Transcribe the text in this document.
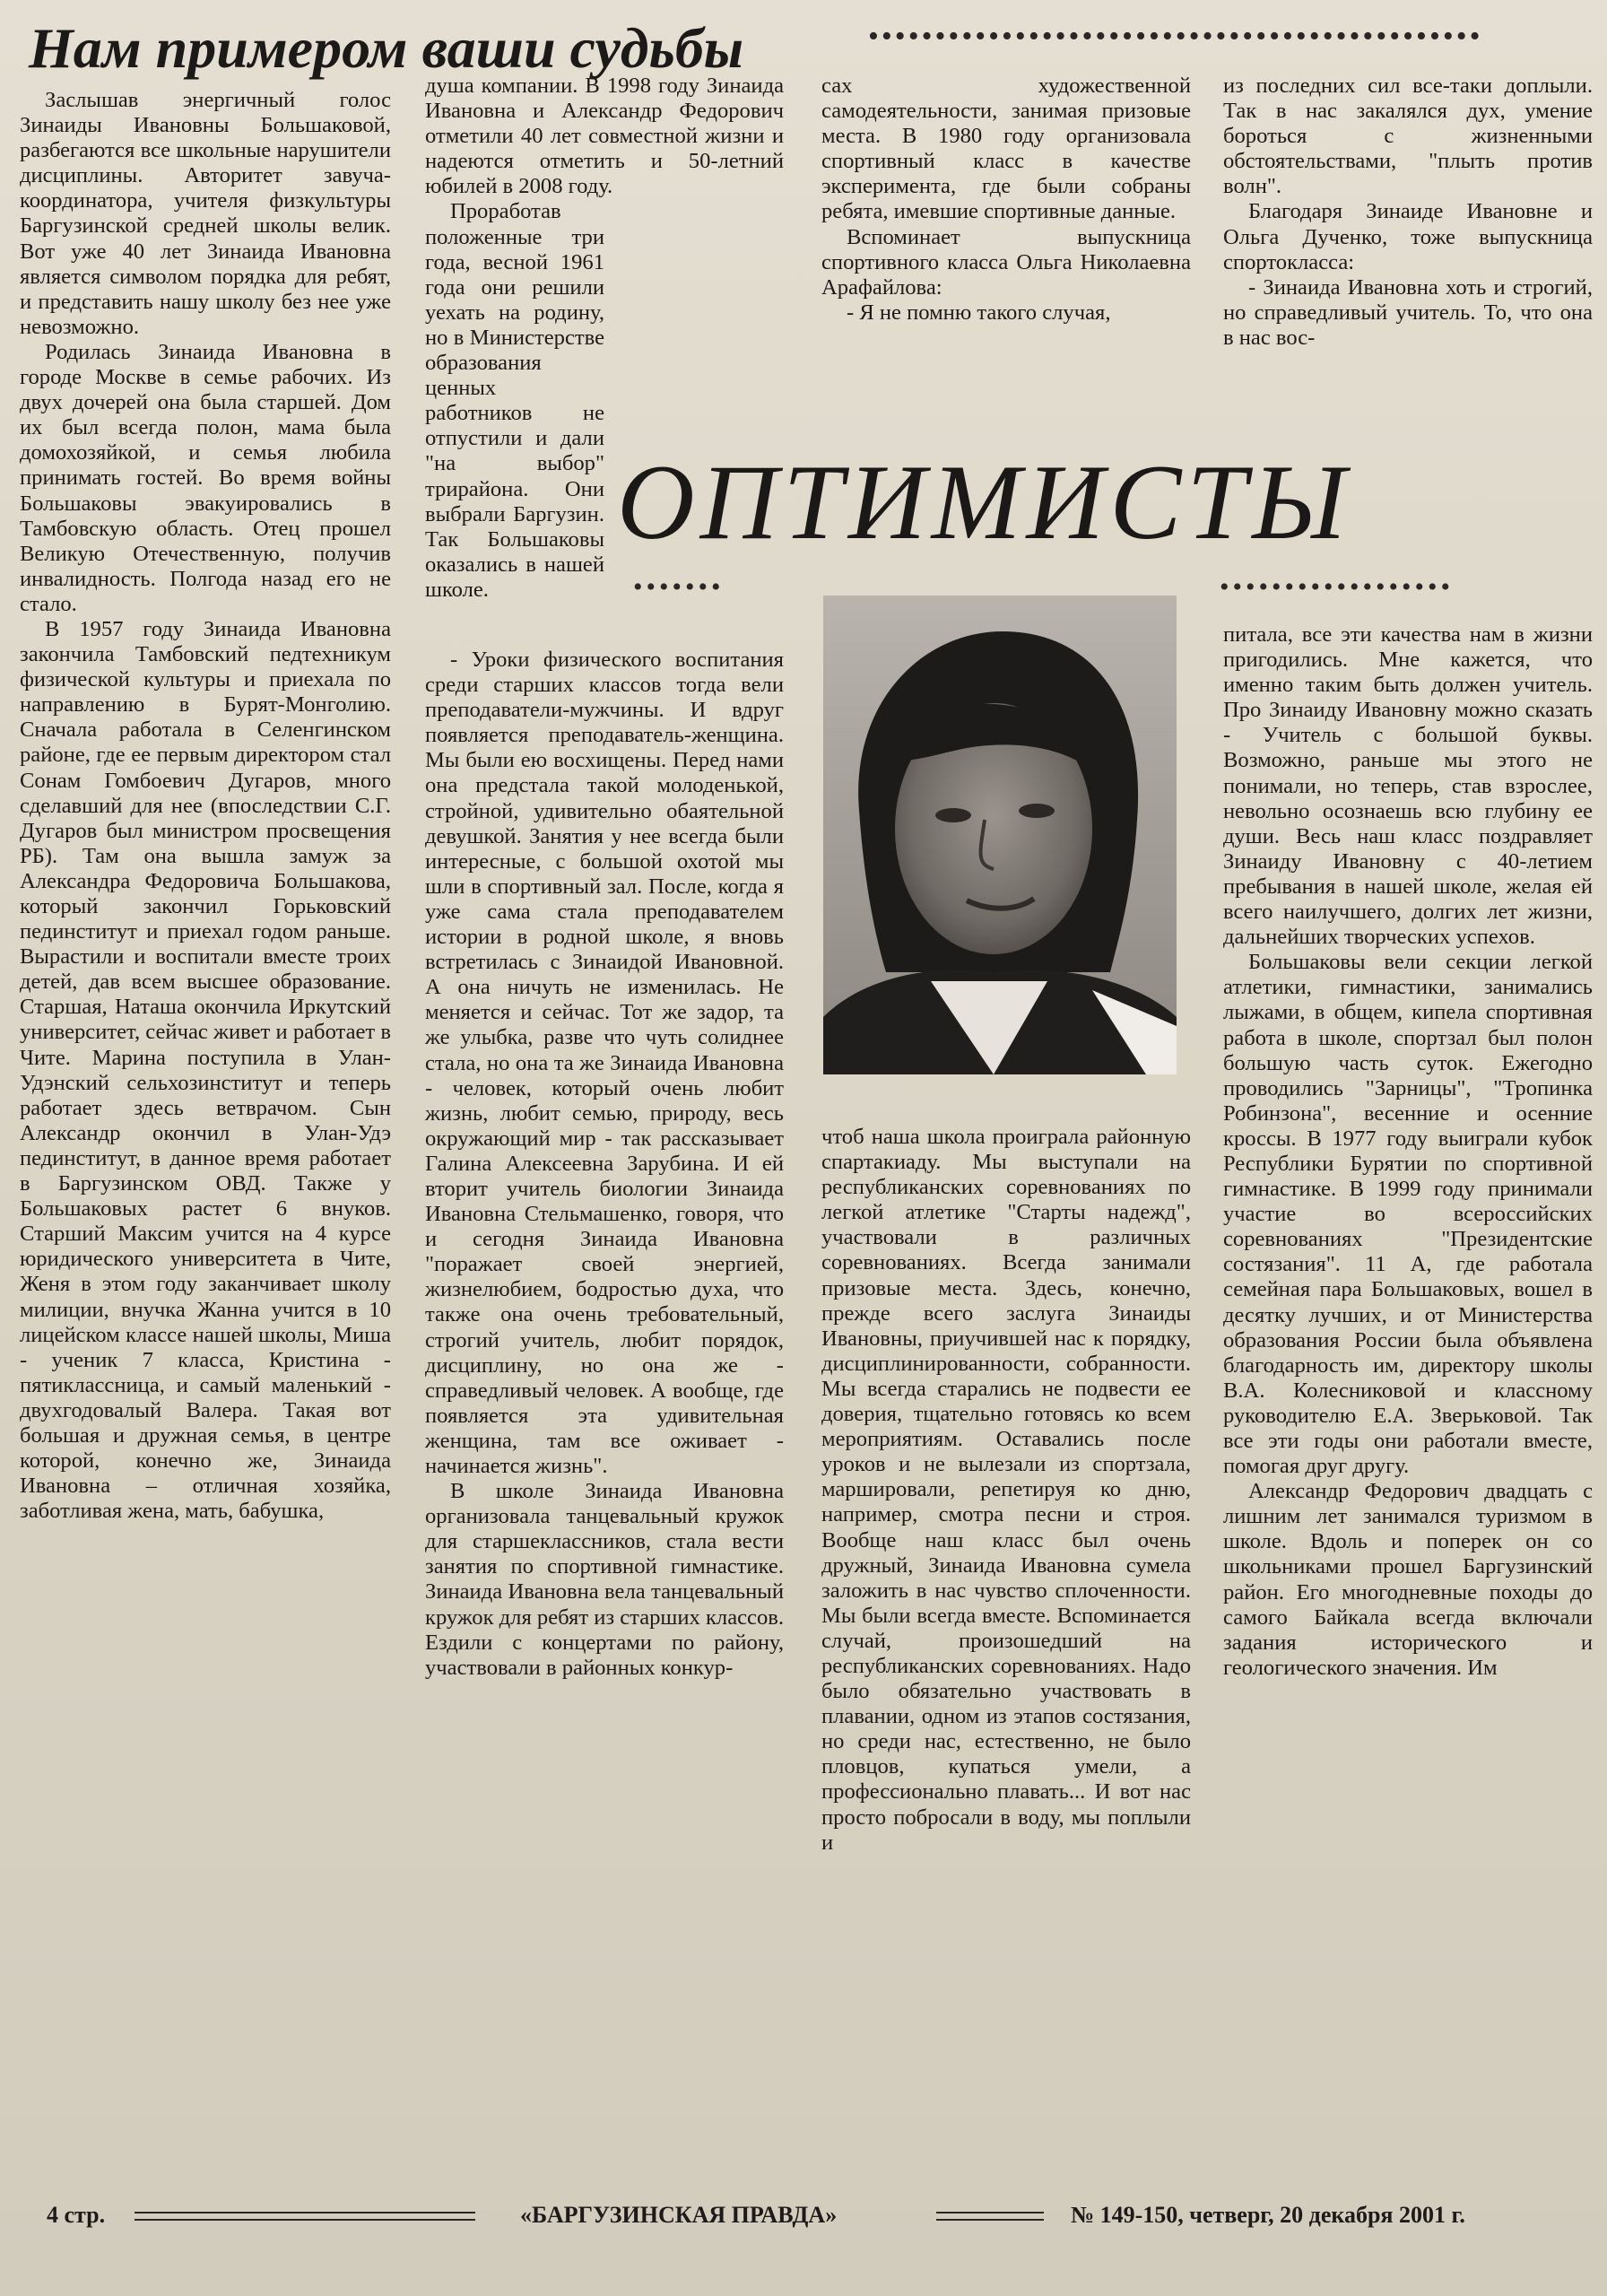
Нам примером ваши судьбы	••••••••••••••••••••••••••••••••••••••••••••••

Заслышав энергичный голос Зинаиды Ивановны Большаковой, разбегаются все школьные нарушители дисциплины. Авторитет завуча-координатора, учителя физкультуры Баргузинской средней школы велик. Вот уже 40 лет Зинаида Ивановна является символом порядка для ребят, и представить нашу школу без нее уже невозможно.

Родилась Зинаида Ивановна в городе Москве в семье рабочих. Из двух дочерей она была старшей. Дом их был всегда полон, мама была домохозяйкой, и семья любила принимать гостей. Во время войны Большаковы эвакуировались в Тамбовскую область. Отец прошел Великую Отечественную, получив инвалидность. Полгода назад его не стало.

В 1957 году Зинаида Ивановна закончила Тамбовский педтехникум физической культуры и приехала по направлению в Бурят-Монголию. Сначала работала в Селенгинском районе, где ее первым директором стал Сонам Гомбоевич Дугаров, много сделавший для нее (впоследствии С.Г. Дугаров был министром просвещения РБ). Там она вышла замуж за Александра Федоровича Большакова, который закончил Горьковский пединститут и приехал годом раньше. Вырастили и воспитали вместе троих детей, дав всем высшее образование. Старшая, Наташа окончила Иркутский университет, сейчас живет и работает в Чите. Марина поступила в Улан-Удэнский сельхозинститут и теперь работает здесь ветврачом. Сын Александр окончил в Улан-Удэ пединститут, в данное время работает в Баргузинском ОВД. Также у Большаковых растет 6 внуков. Старший Максим учится на 4 курсе юридического университета в Чите, Женя в этом году заканчивает школу милиции, внучка Жанна учится в 10 лицейском классе нашей школы, Миша - ученик 7 класса, Кристина - пятиклассница, и самый маленький - двухгодовалый Валера. Такая вот большая и дружная семья, в центре которой, конечно же, Зинаида Ивановна – отличная хозяйка, заботливая жена, мать, бабушка,

душа компании. В 1998 году Зинаида Ивановна и Александр Федорович отметили 40 лет совместной жизни и надеются отметить и 50-летний юбилей в 2008 году.

Проработав положенные три года, весной 1961 года они решили уехать на родину, но в Министерстве образования ценных работников не отпустили и дали "на выбор" трирайона. Они выбрали Баргузин. Так Большаковы оказались в нашей школе.

- Уроки физического воспитания среди старших классов тогда вели преподаватели-мужчины. И вдруг появляется преподаватель-женщина. Мы были ею восхищены. Перед нами она предстала такой молоденькой, стройной, удивительно обаятельной девушкой. Занятия у нее всегда были интересные, с большой охотой мы шли в спортивный зал. После, когда я уже сама стала преподавателем истории в родной школе, я вновь встретилась с Зинаидой Ивановной. А она ничуть не изменилась. Не меняется и сейчас. Тот же задор, та же улыбка, разве что чуть солиднее стала, но она та же Зинаида Ивановна - человек, который очень любит жизнь, любит семью, природу, весь окружающий мир - так рассказывает Галина Алексеевна Зарубина. И ей вторит учитель биологии Зинаида Ивановна Стельмашенко, говоря, что и сегодня Зинаида Ивановна "поражает своей энергией, жизнелюбием, бодростью духа, что также она очень требовательный, строгий учитель, любит порядок, дисциплину, но она же - справедливый человек. А вообще, где появляется эта удивительная женщина, там все оживает - начинается жизнь".

В школе Зинаида Ивановна организовала танцевальный кружок для старшеклассников, стала вести занятия по спортивной гимнастике. Зинаида Ивановна вела танцевальный кружок для ребят из старших классов. Ездили с концертами по району, участвовали в районных конкур-

сах художественной самодеятельности, занимая призовые места. В 1980 году организовала спортивный класс в качестве эксперимента, где были собраны ребята, имевшие спортивные данные.

Вспоминает выпускница спортивного класса Ольга Николаевна Арафайлова:

- Я не помню такого случая,

из последних сил все-таки доплыли. Так в нас закалялся дух, умение бороться с жизненными обстоятельствами, "плыть против волн".

Благодаря Зинаиде Ивановне и Ольга Дученко, тоже выпускница спортокласса:

- Зинаида Ивановна хоть и строгий, но справедливый учитель. То, что она в нас вос-

ОПТИМИСТЫ
•••••••	••••••••••••••••••

чтоб наша школа проиграла районную спартакиаду. Мы выступали на республиканских соревнованиях по легкой атлетике "Старты надежд", участвовали в различных соревнованиях. Всегда занимали призовые места. Здесь, конечно, прежде всего заслуга Зинаиды Ивановны, приучившей нас к порядку, дисциплинированности, собранности. Мы всегда старались не подвести ее доверия, тщательно готовясь ко всем мероприятиям. Оставались после уроков и не вылезали из спортзала, маршировали, репетируя ко дню, например, смотра песни и строя. Вообще наш класс был очень дружный, Зинаида Ивановна сумела заложить в нас чувство сплоченности. Мы были всегда вместе. Вспоминается случай, произошедший на республиканских соревнованиях. Надо было обязательно участвовать в плавании, одном из этапов состязания, но среди нас, естественно, не было пловцов, купаться умели, а профессионально плавать... И вот нас просто побросали в воду, мы поплыли и

питала, все эти качества нам в жизни пригодились. Мне кажется, что именно таким быть должен учитель. Про Зинаиду Ивановну можно сказать - Учитель с большой буквы. Возможно, раньше мы этого не понимали, но теперь, став взрослее, невольно осознаешь всю глубину ее души. Весь наш класс поздравляет Зинаиду Ивановну с 40-летием пребывания в нашей школе, желая ей всего наилучшего, долгих лет жизни, дальнейших творческих успехов.

Большаковы вели секции легкой атлетики, гимнастики, занимались лыжами, в общем, кипела спортивная работа в школе, спортзал был полон большую часть суток. Ежегодно проводились "Зарницы", "Тропинка Робинзона", весенние и осенние кроссы. В 1977 году выиграли кубок Республики Бурятии по спортивной гимнастике. В 1999 году принимали участие во всероссийских соревнованиях "Президентские состязания". 11 А, где работала семейная пара Большаковых, вошел в десятку лучших, и от Министерства образования России была объявлена благодарность им, директору школы В.А. Колесниковой и классному руководителю Е.А. Зверьковой. Так все эти годы они работали вместе, помогая друг другу.

Александр Федорович двадцать с лишним лет занимался туризмом в школе. Вдоль и поперек он со школьниками прошел Баргузинский район. Его многодневные походы до самого Байкала всегда включали задания исторического и геологического значения. Им

4 стр.	«БАРГУЗИНСКАЯ ПРАВДА»	№ 149-150, четверг, 20 декабря 2001 г.
